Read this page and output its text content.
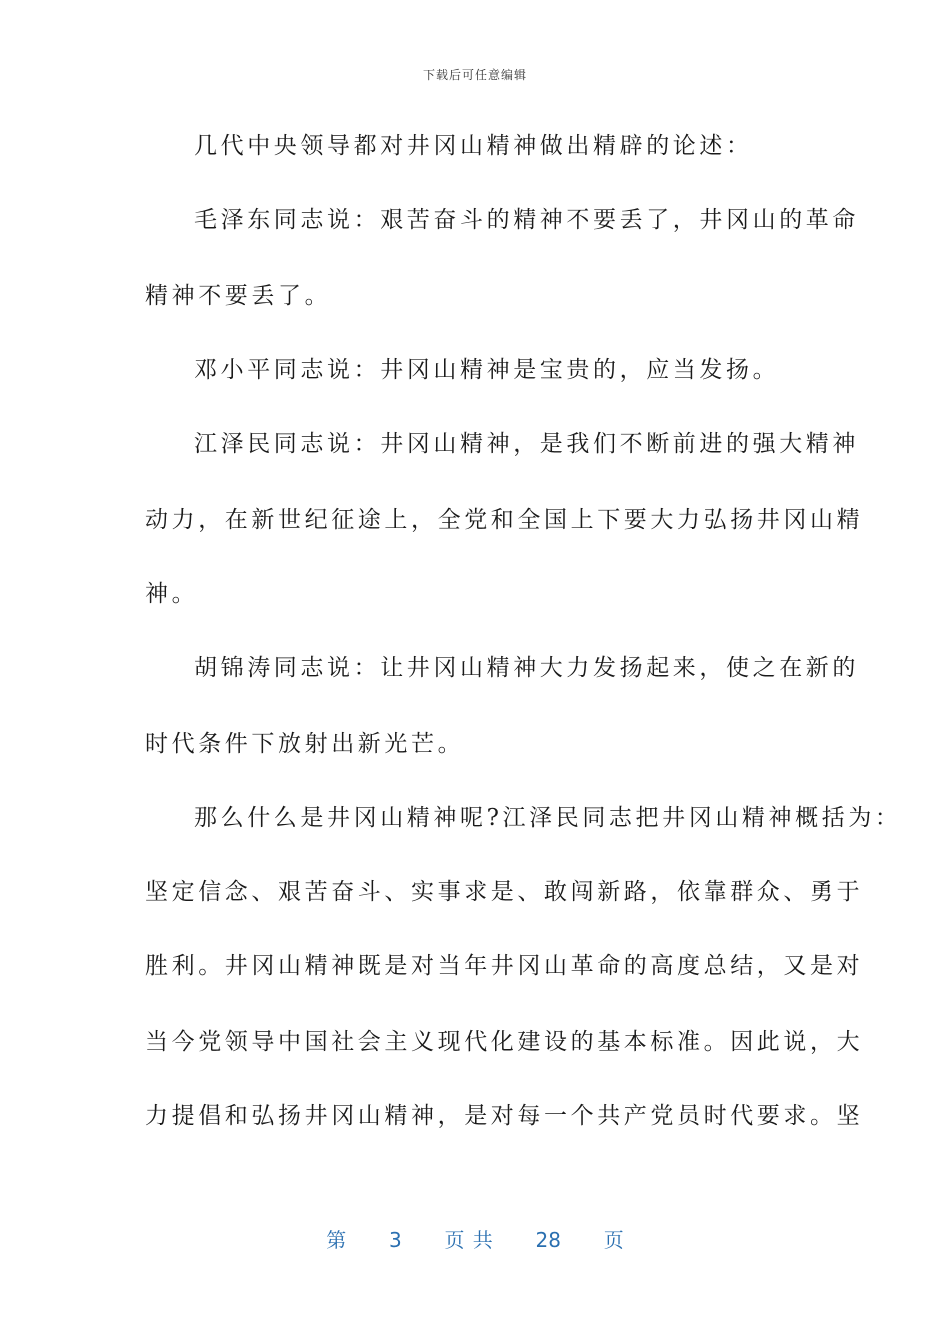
下载后可任意编辑
几代中央领导都对井冈山精神做出精辟的论述：
毛泽东同志说：艰苦奋斗的精神不要丢了，井冈山的革命
精神不要丢了。
邓小平同志说：井冈山精神是宝贵的，应当发扬。
江泽民同志说：井冈山精神，是我们不断前进的强大精神
动力，在新世纪征途上，全党和全国上下要大力弘扬井冈山精
神。
胡锦涛同志说：让井冈山精神大力发扬起来，使之在新的
时代条件下放射出新光芒。
那么什么是井冈山精神呢?江泽民同志把井冈山精神概括为：
坚定信念、艰苦奋斗、实事求是、敢闯新路，依靠群众、勇于
胜利。井冈山精神既是对当年井冈山革命的高度总结，又是对
当今党领导中国社会主义现代化建设的基本标准。因此说，大
力提倡和弘扬井冈山精神，是对每一个共产党员时代要求。坚
第 3 页 共 28 页
